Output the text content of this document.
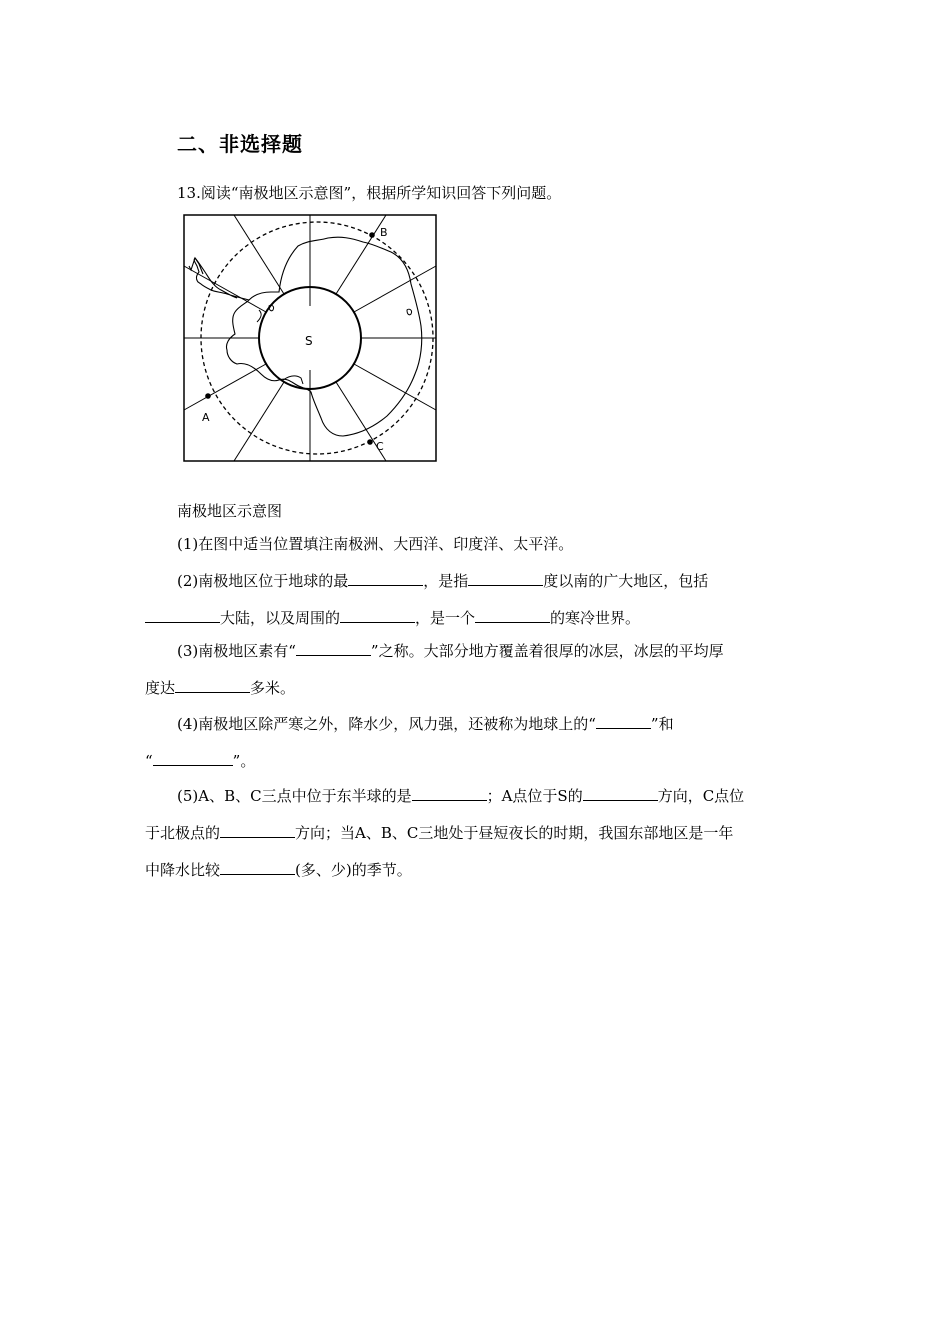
二、非选择题
13.阅读“南极地区示意图”，根据所学知识回答下列问题。
B
A
C
S
南极地区示意图
(1)在图中适当位置填注南极洲、大西洋、印度洋、太平洋。
(2)南极地区位于地球的最	，是指	度以南的广大地区，包括
大陆，以及周围的	，是一个	的寒冷世界。
(3)南极地区素有“	”之称。大部分地方覆盖着很厚的冰层，冰层的平均厚
度达	多米。
(4)南极地区除严寒之外，降水少，风力强，还被称为地球上的“	”和
“	”。
(5)A、B、C三点中位于东半球的是	；A点位于S的	方向，C点位
于北极点的	方向；当A、B、C三地处于昼短夜长的时期，我国东部地区是一年
中降水比较	(多、少)的季节。
